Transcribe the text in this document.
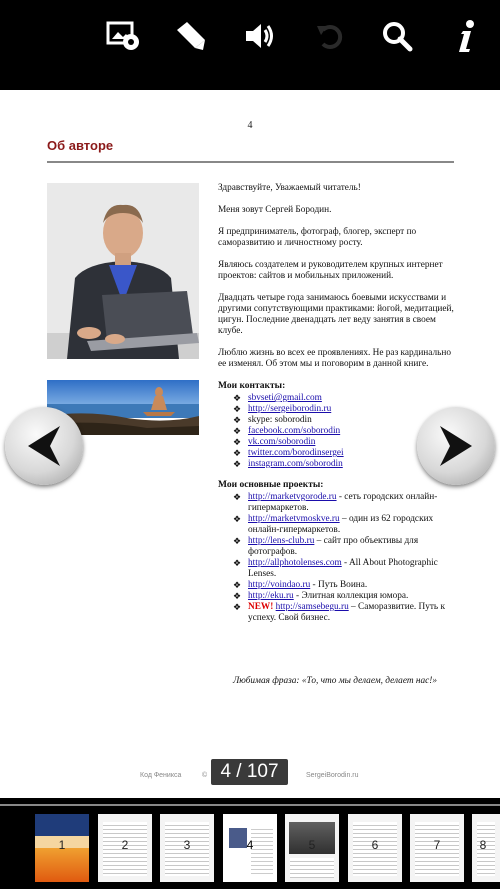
4
Об авторе

Здравствуйте, Уважаемый читатель!

Меня зовут Сергей Бородин.

Я предприниматель, фотограф, блогер, эксперт по саморазвитию и личностному росту.

Являюсь создателем и руководителем крупных интернет проектов: сайтов и мобильных приложений.

Двадцать четыре года занимаюсь боевыми искусствами и другими сопутствующими практиками: йогой, медитацией, цигун. Последние двенадцать лет веду занятия в своем клубе.

Люблю жизнь во всех ее проявлениях. Не раз кардинально ее изменял. Об этом мы и поговорим в данной книге.

Мои контакты:
❖ sbvseti@gmail.com
❖ http://sergeiborodin.ru
❖ skype: soborodin
❖ facebook.com/soborodin
❖ vk.com/soborodin
❖ twitter.com/borodinsergei
❖ instagram.com/soborodin
Мои основные проекты:
❖ http://marketvgorode.ru - сеть городских онлайн-гипермаркетов.
❖ http://marketvmoskve.ru – один из 62 городских онлайн-гипермаркетов.
❖ http://lens-club.ru – сайт про объективы для фотографов.
❖ http://allphotolenses.com - All About Photographic Lenses.
❖ http://voindao.ru - Путь Воина.
❖ http://eku.ru - Элитная коллекция юмора.
❖ NEW! http://samsebegu.ru – Саморазвитие. Путь к успеху. Свой бизнес.
Любимая фраза: «То, что мы делаем, делает нас!»
Код Феникса	©	SergeiBorodin.ru
4 / 107
1	2	3	4	5	6	7	8
